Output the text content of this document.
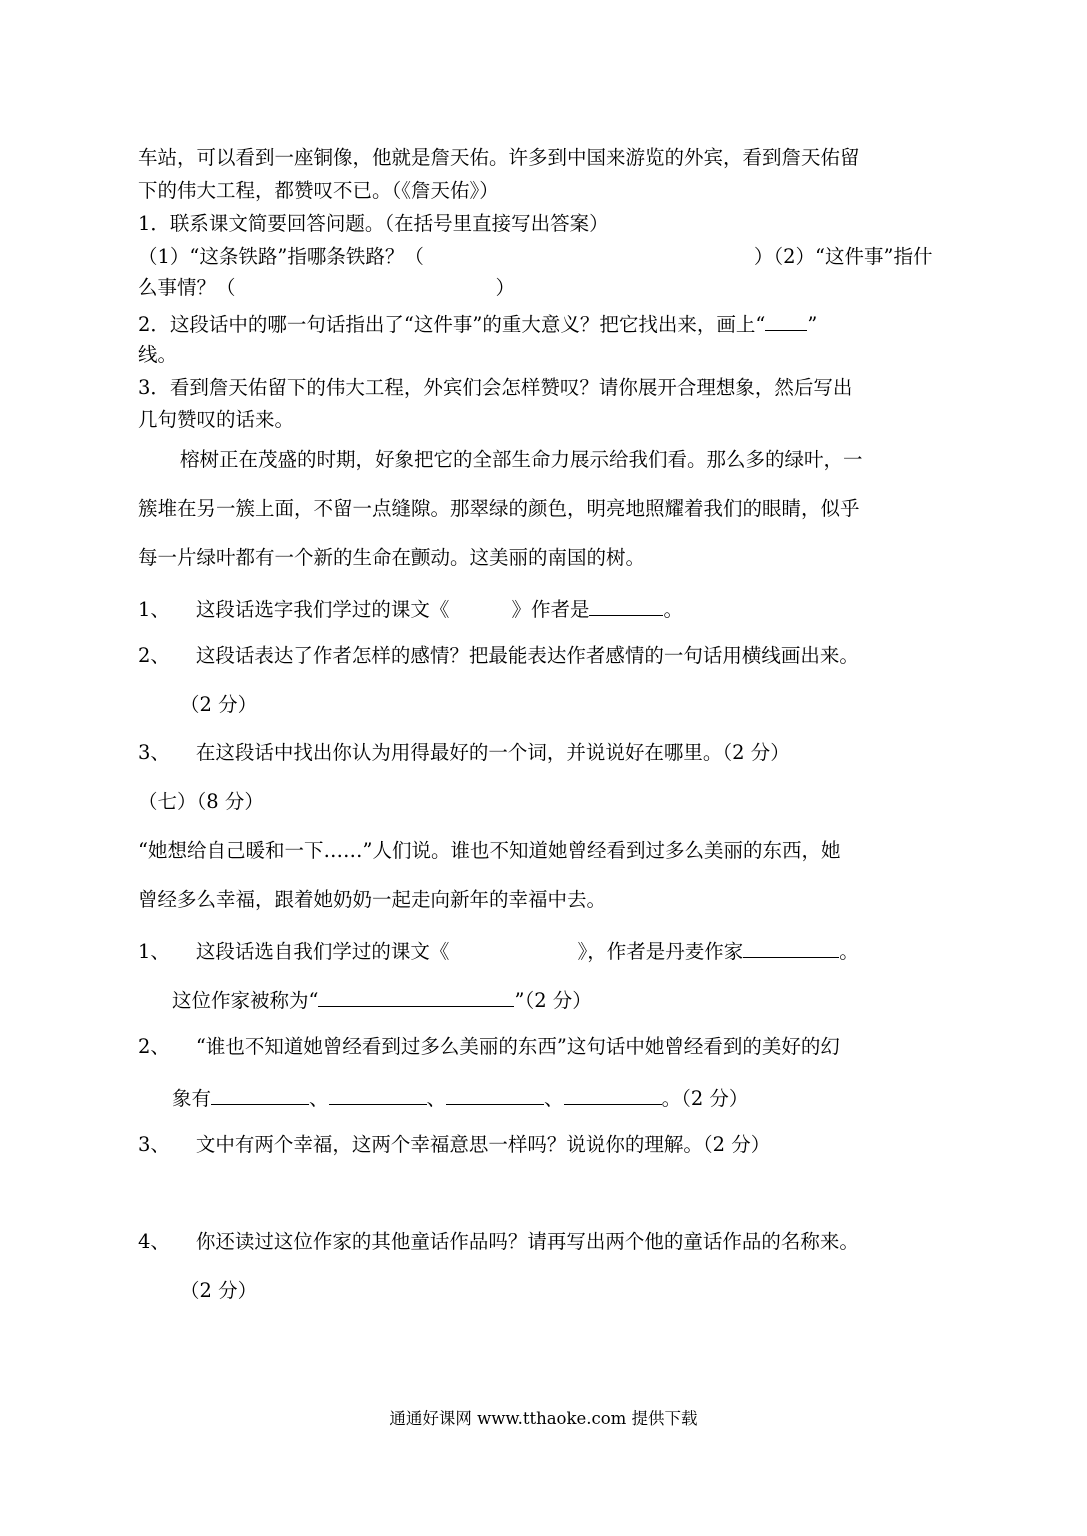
车站，可以看到一座铜像，他就是詹天佑。许多到中国来游览的外宾，看到詹天佑留
下的伟大工程，都赞叹不已。（《詹天佑》）
1．联系课文简要回答问题。（在括号里直接写出答案）
（1）“这条铁路”指哪条铁路？（	）（2）“这件事”指什
么事情？（	）
2．这段话中的哪一句话指出了“这件事”的重大意义？把它找出来，画上“ ”
线。
3．看到詹天佑留下的伟大工程，外宾们会怎样赞叹？请你展开合理想象，然后写出
几句赞叹的话来。
榕树正在茂盛的时期，好象把它的全部生命力展示给我们看。那么多的绿叶，一
簇堆在另一簇上面，不留一点缝隙。那翠绿的颜色，明亮地照耀着我们的眼睛，似乎
每一片绿叶都有一个新的生命在颤动。这美丽的南国的树。
1、 这段话选字我们学过的课文《	》作者是	。
2、 这段话表达了作者怎样的感情？把最能表达作者感情的一句话用横线画出来。
（2 分）
3、 在这段话中找出你认为用得最好的一个词，并说说好在哪里。（2 分）
（七）（8 分）
“她想给自己暖和一下……”人们说。谁也不知道她曾经看到过多么美丽的东西，她
曾经多么幸福，跟着她奶奶一起走向新年的幸福中去。
1、 这段话选自我们学过的课文《	》，作者是丹麦作家	。
这位作家被称为“	”（2 分）
2、 “谁也不知道她曾经看到过多么美丽的东西”这句话中她曾经看到的美好的幻
象有	、	、	、	。（2 分）
3、 文中有两个幸福，这两个幸福意思一样吗？说说你的理解。（2 分）
4、 你还读过这位作家的其他童话作品吗？请再写出两个他的童话作品的名称来。
（2 分）
通通好课网 www.tthaoke.com 提供下载
